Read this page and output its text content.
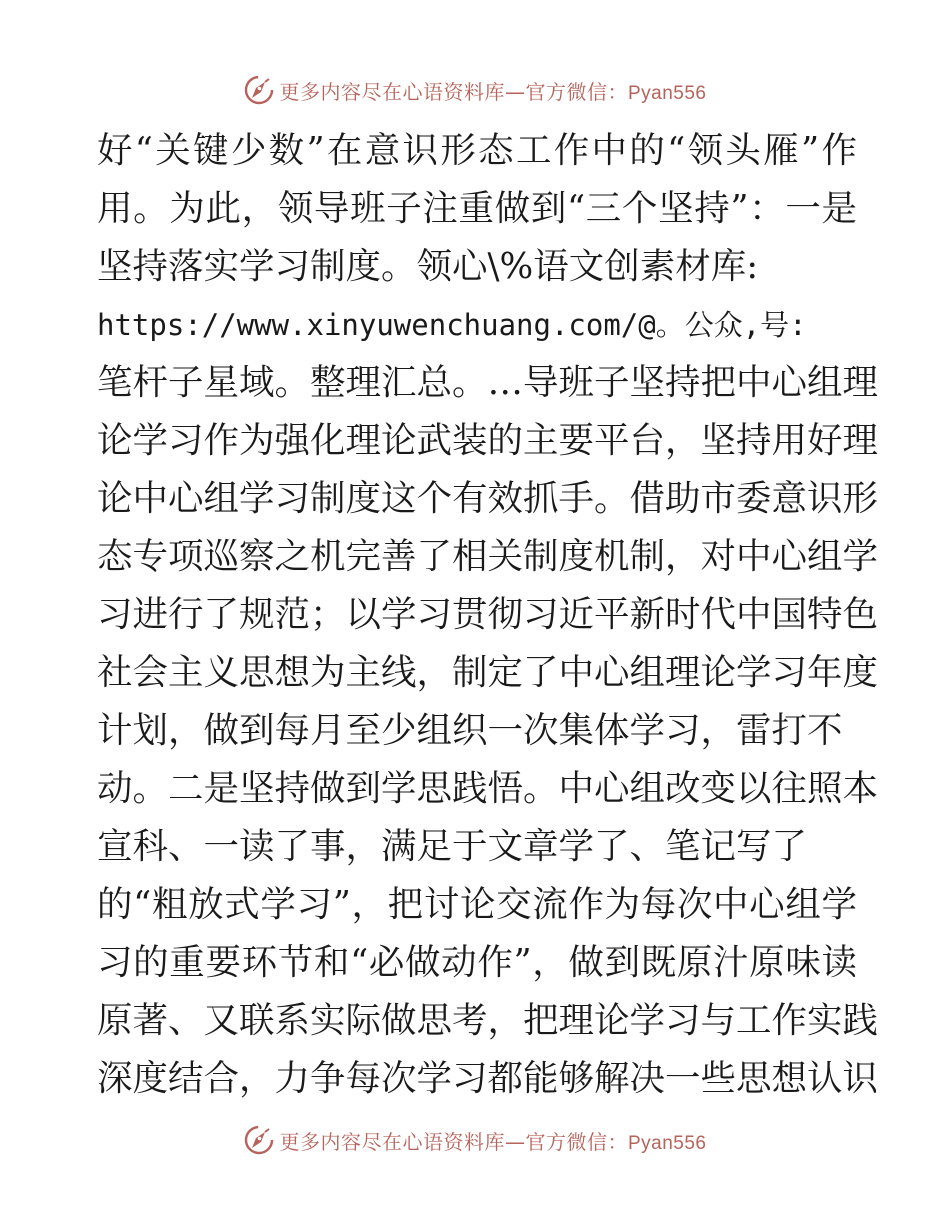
更多内容尽在心语资料库—官方微信：Pyan556
好“关键少数”在意识形态工作中的“领头雁”作
用。为此，领导班子注重做到“三个坚持”：一是
坚持落实学习制度。领心\%语文创素材库:
https://www.xinyuwenchuang.com/@。公众,号:
笔杆子星域。整理汇总。…导班子坚持把中心组理
论学习作为强化理论武装的主要平台，坚持用好理
论中心组学习制度这个有效抓手。借助市委意识形
态专项巡察之机完善了相关制度机制，对中心组学
习进行了规范；以学习贯彻习近平新时代中国特色
社会主义思想为主线，制定了中心组理论学习年度
计划，做到每月至少组织一次集体学习，雷打不
动。二是坚持做到学思践悟。中心组改变以往照本
宣科、一读了事，满足于文章学了、笔记写了
的“粗放式学习”，把讨论交流作为每次中心组学
习的重要环节和“必做动作”，做到既原汁原味读
原著、又联系实际做思考，把理论学习与工作实践
深度结合，力争每次学习都能够解决一些思想认识
更多内容尽在心语资料库—官方微信：Pyan556
